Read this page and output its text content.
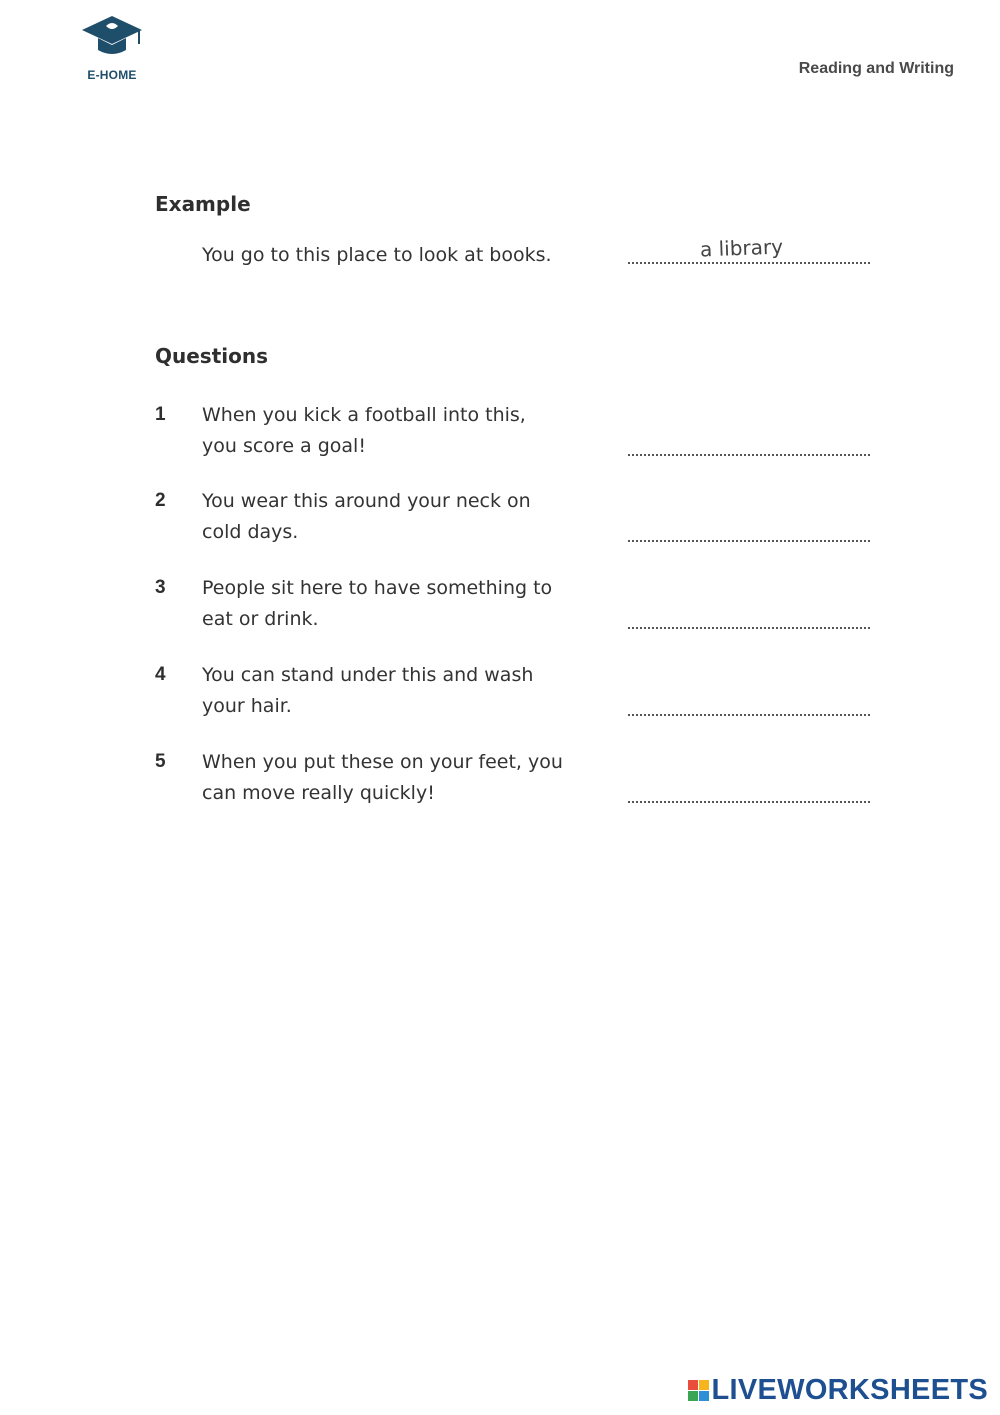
E-HOME	Reading and Writing
Example
You go to this place to look at books.	a library
Questions
1 When you kick a football into this,
you score a goal!
2 You wear this around your neck on
cold days.
3 People sit here to have something to
eat or drink.
4 You can stand under this and wash
your hair.
5 When you put these on your feet, you
can move really quickly!
LIVEWORKSHEETS
